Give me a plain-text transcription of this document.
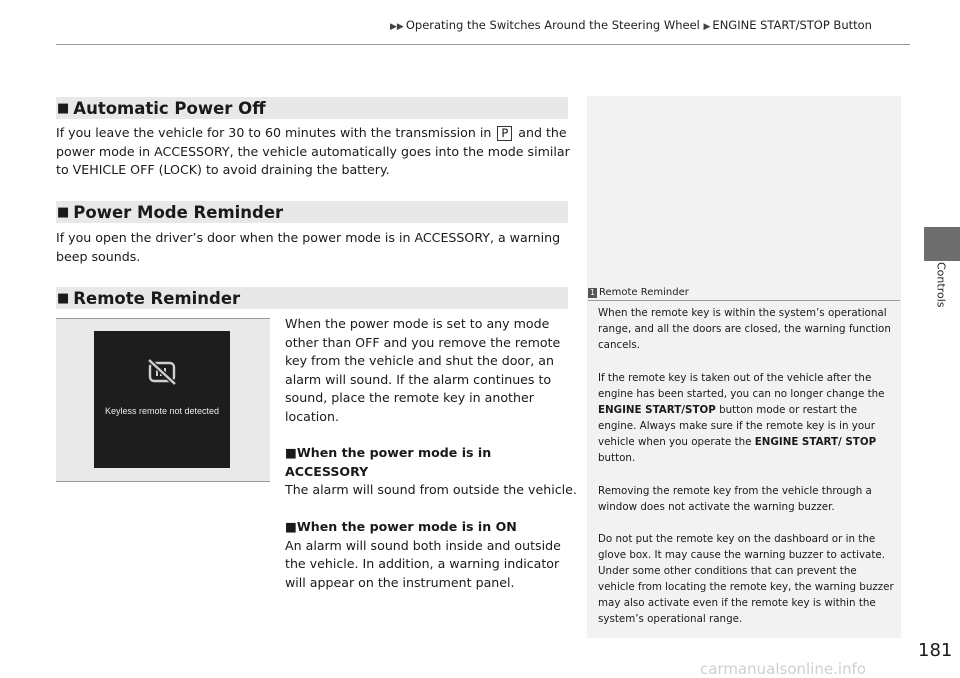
▶▶ Operating the Switches Around the Steering Wheel ▶ ENGINE START/STOP Button
Controls
■ Automatic Power Off
If you leave the vehicle for 30 to 60 minutes with the transmission in P and the power mode in ACCESSORY, the vehicle automatically goes into the mode similar to VEHICLE OFF (LOCK) to avoid draining the battery.
■ Power Mode Reminder
If you open the driver’s door when the power mode is in ACCESSORY, a warning beep sounds.
■ Remote Reminder
Keyless remote not detected
When the power mode is set to any mode other than OFF and you remove the remote key from the vehicle and shut the door, an alarm will sound. If the alarm continues to sound, place the remote key in another location.
■When the power mode is in ACCESSORY
The alarm will sound from outside the vehicle.
■When the power mode is in ON
An alarm will sound both inside and outside the vehicle. In addition, a warning indicator will appear on the instrument panel.
1 Remote Reminder
When the remote key is within the system’s operational range, and all the doors are closed, the warning function cancels.
If the remote key is taken out of the vehicle after the engine has been started, you can no longer change the ENGINE START/STOP button mode or restart the engine. Always make sure if the remote key is in your vehicle when you operate the ENGINE START/ STOP button.
Removing the remote key from the vehicle through a window does not activate the warning buzzer.
Do not put the remote key on the dashboard or in the glove box. It may cause the warning buzzer to activate. Under some other conditions that can prevent the vehicle from locating the remote key, the warning buzzer may also activate even if the remote key is within the system’s operational range.
181
carmanualsonline.info
